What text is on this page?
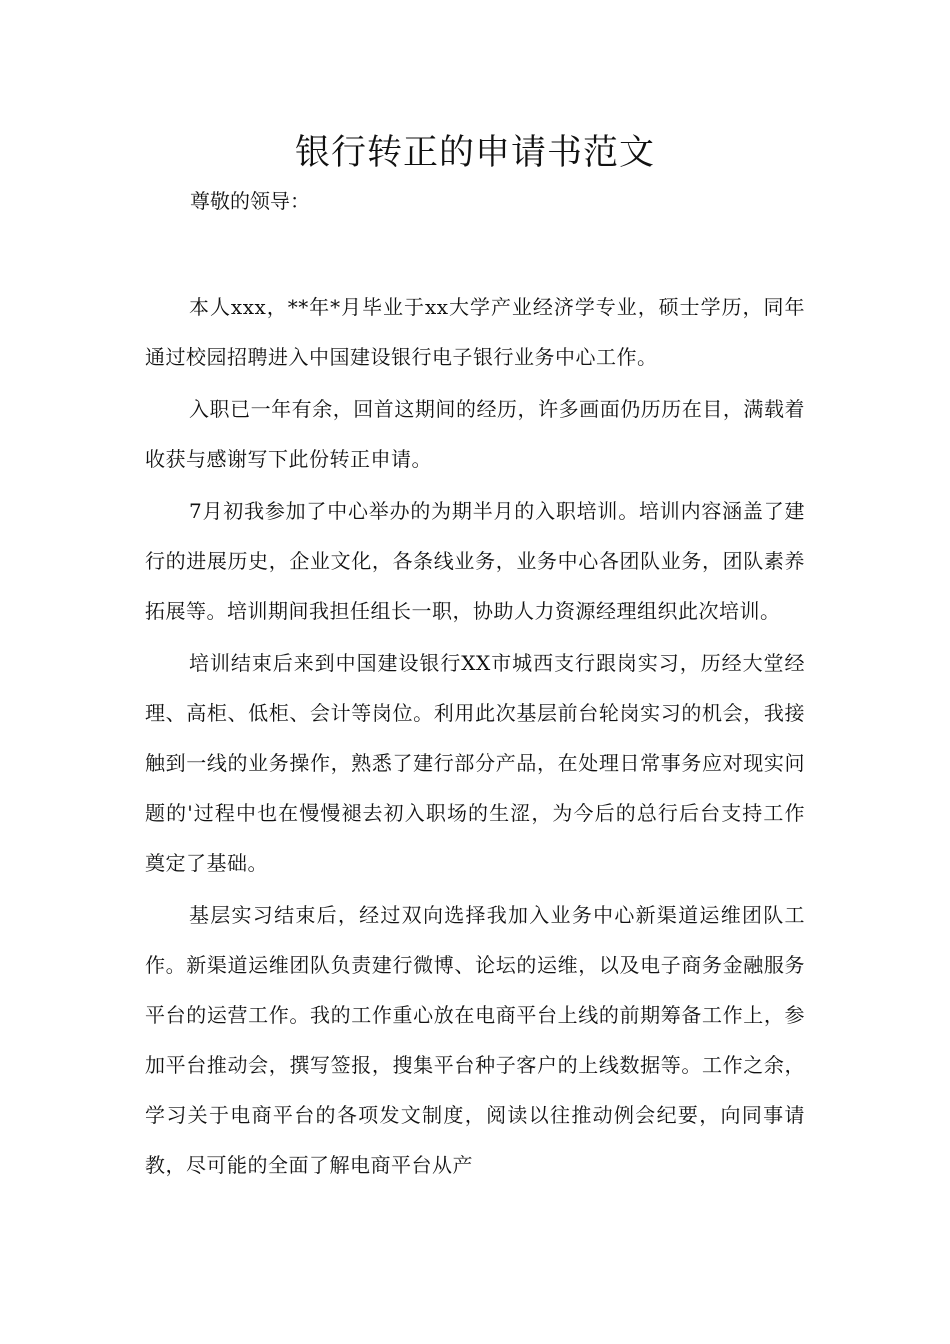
银行转正的申请书范文

尊敬的领导：

本人xxx，**年*月毕业于xx大学产业经济学专业，硕士学历，同年通过校园招聘进入中国建设银行电子银行业务中心工作。

入职已一年有余，回首这期间的经历，许多画面仍历历在目，满载着收获与感谢写下此份转正申请。

7月初我参加了中心举办的为期半月的入职培训。培训内容涵盖了建行的进展历史，企业文化，各条线业务，业务中心各团队业务，团队素养拓展等。培训期间我担任组长一职，协助人力资源经理组织此次培训。

培训结束后来到中国建设银行XX市城西支行跟岗实习，历经大堂经理、高柜、低柜、会计等岗位。利用此次基层前台轮岗实习的机会，我接触到一线的业务操作，熟悉了建行部分产品，在处理日常事务应对现实问题的'过程中也在慢慢褪去初入职场的生涩，为今后的总行后台支持工作奠定了基础。

基层实习结束后，经过双向选择我加入业务中心新渠道运维团队工作。新渠道运维团队负责建行微博、论坛的运维，以及电子商务金融服务平台的运营工作。我的工作重心放在电商平台上线的前期筹备工作上，参加平台推动会，撰写签报，搜集平台种子客户的上线数据等。工作之余，学习关于电商平台的各项发文制度，阅读以往推动例会纪要，向同事请教，尽可能的全面了解电商平台从产
